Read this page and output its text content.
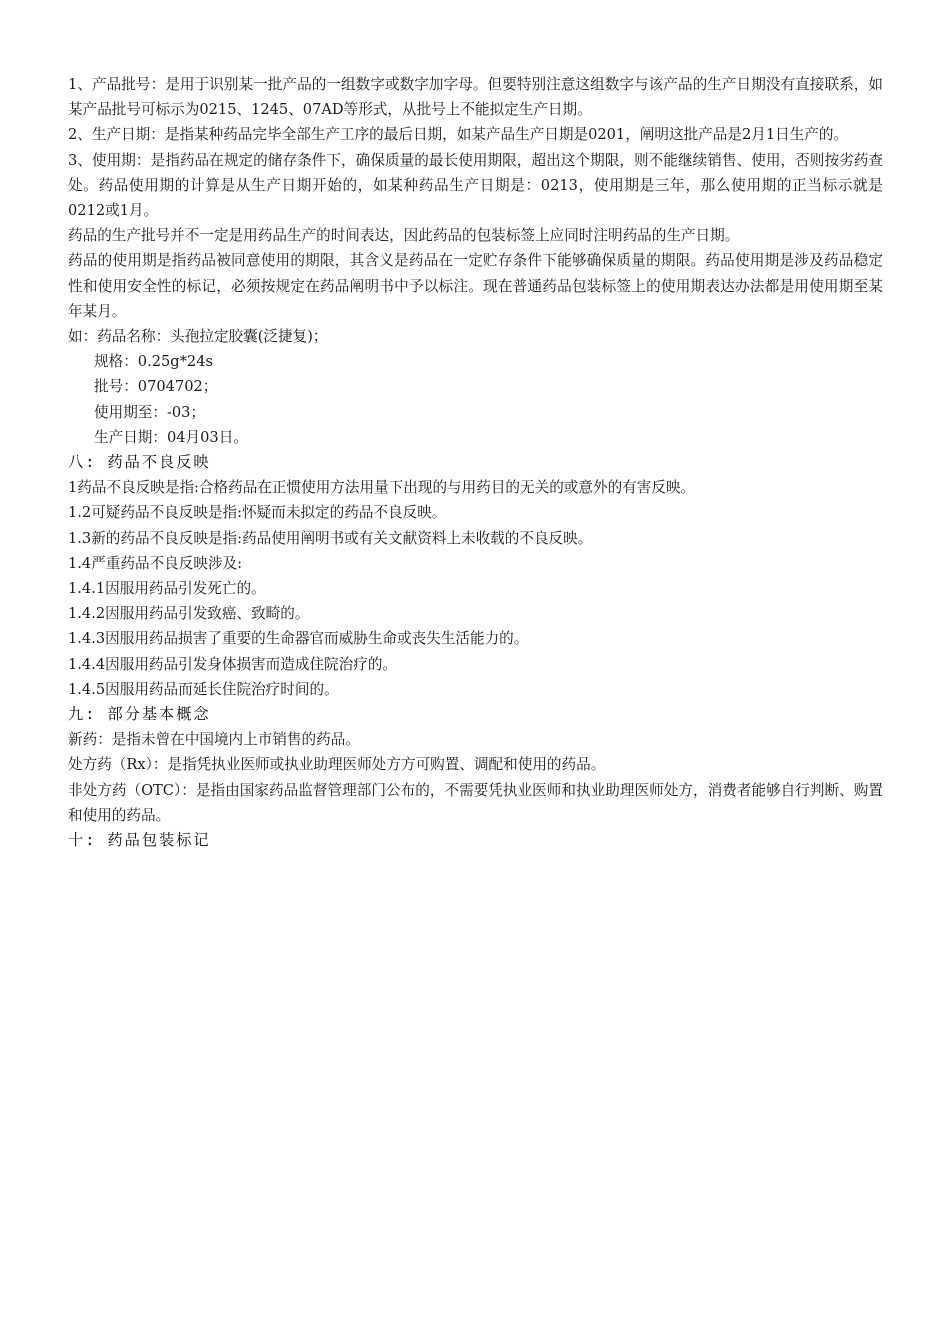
1、产品批号：是用于识别某一批产品的一组数字或数字加字母。但要特别注意这组数字与该产品的生产日期没有直接联系，如某产品批号可标示为0215、1245、07AD等形式，从批号上不能拟定生产日期。

2、生产日期：是指某种药品完毕全部生产工序的最后日期，如某产品生产日期是0201，阐明这批产品是2月1日生产的。

3、使用期：是指药品在规定的储存条件下，确保质量的最长使用期限，超出这个期限，则不能继续销售、使用，否则按劣药查处。药品使用期的计算是从生产日期开始的，如某种药品生产日期是：0213，使用期是三年，那么使用期的正当标示就是0212或1月。

药品的生产批号并不一定是用药品生产的时间表达，因此药品的包装标签上应同时注明药品的生产日期。

药品的使用期是指药品被同意使用的期限，其含义是药品在一定贮存条件下能够确保质量的期限。药品使用期是涉及药品稳定性和使用安全性的标记，必须按规定在药品阐明书中予以标注。现在普通药品包装标签上的使用期表达办法都是用使用期至某年某月。

如：药品名称：头孢拉定胶囊(泛捷复)；

规格：0.25g*24s

批号：0704702；

使用期至：-03；

生产日期：04月03日。

八: 药品不良反映

1药品不良反映是指:合格药品在正惯使用方法用量下出现的与用药目的无关的或意外的有害反映。

1.2可疑药品不良反映是指:怀疑而未拟定的药品不良反映。

1.3新的药品不良反映是指:药品使用阐明书或有关文献资料上未收载的不良反映。

1.4严重药品不良反映涉及:

1.4.1因服用药品引发死亡的。

1.4.2因服用药品引发致癌、致畸的。

1.4.3因服用药品损害了重要的生命器官而威胁生命或丧失生活能力的。

1.4.4因服用药品引发身体损害而造成住院治疗的。

1.4.5因服用药品而延长住院治疗时间的。

九: 部分基本概念

新药：是指未曾在中国境内上市销售的药品。

处方药（Rx）：是指凭执业医师或执业助理医师处方方可购置、调配和使用的药品。

非处方药（OTC）：是指由国家药品监督管理部门公布的，不需要凭执业医师和执业助理医师处方，消费者能够自行判断、购置和使用的药品。

十: 药品包装标记
